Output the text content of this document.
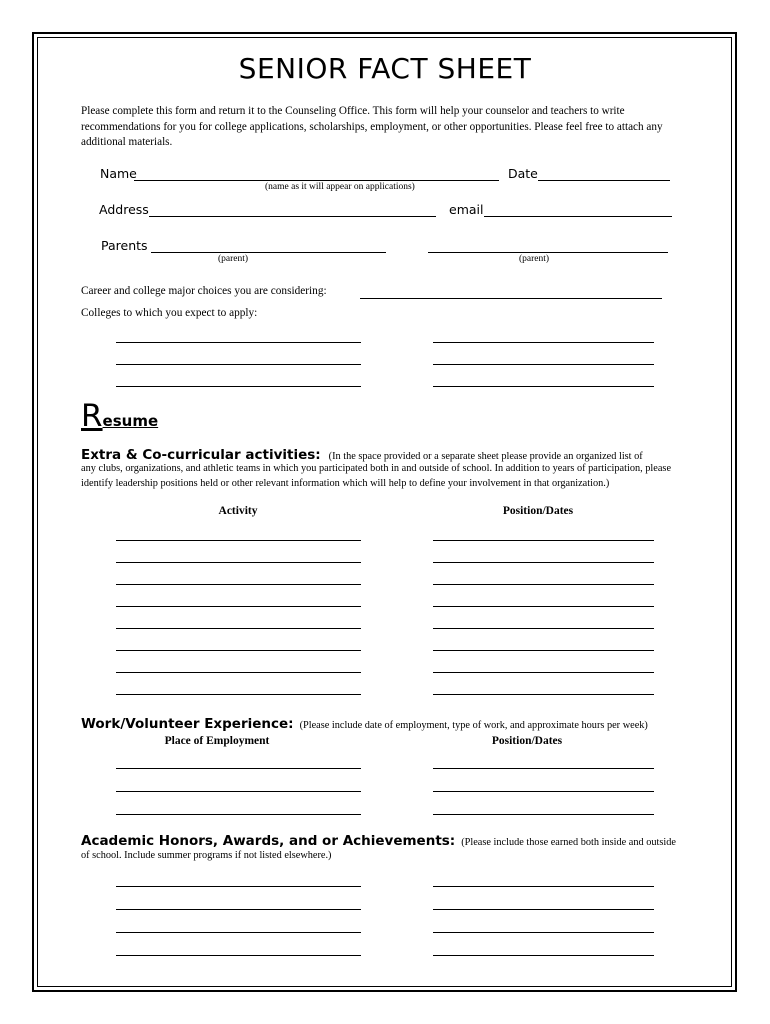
SENIOR FACT SHEET
Please complete this form and return it to the Counseling Office. This form will help your counselor and teachers to write recommendations for you for college applications, scholarships, employment, or other opportunities. Please feel free to attach any additional materials.
Name
(name as it will appear on applications)
Date
Address	email
Parents
(parent)	(parent)
Career and college major choices you are considering:
Colleges to which you expect to apply:
Resume
Extra & Co-curricular activities: (In the space provided or a separate sheet please provide an organized list of
any clubs, organizations, and athletic teams in which you participated both in and outside of school. In addition to years of participation, please identify leadership positions held or other relevant information which will help to define your involvement in that organization.)
Activity	Position/Dates
Work/Volunteer Experience: (Please include date of employment, type of work, and approximate hours per week)
Place of Employment	Position/Dates
Academic Honors, Awards, and or Achievements: (Please include those earned both inside and outside
of school. Include summer programs if not listed elsewhere.)
